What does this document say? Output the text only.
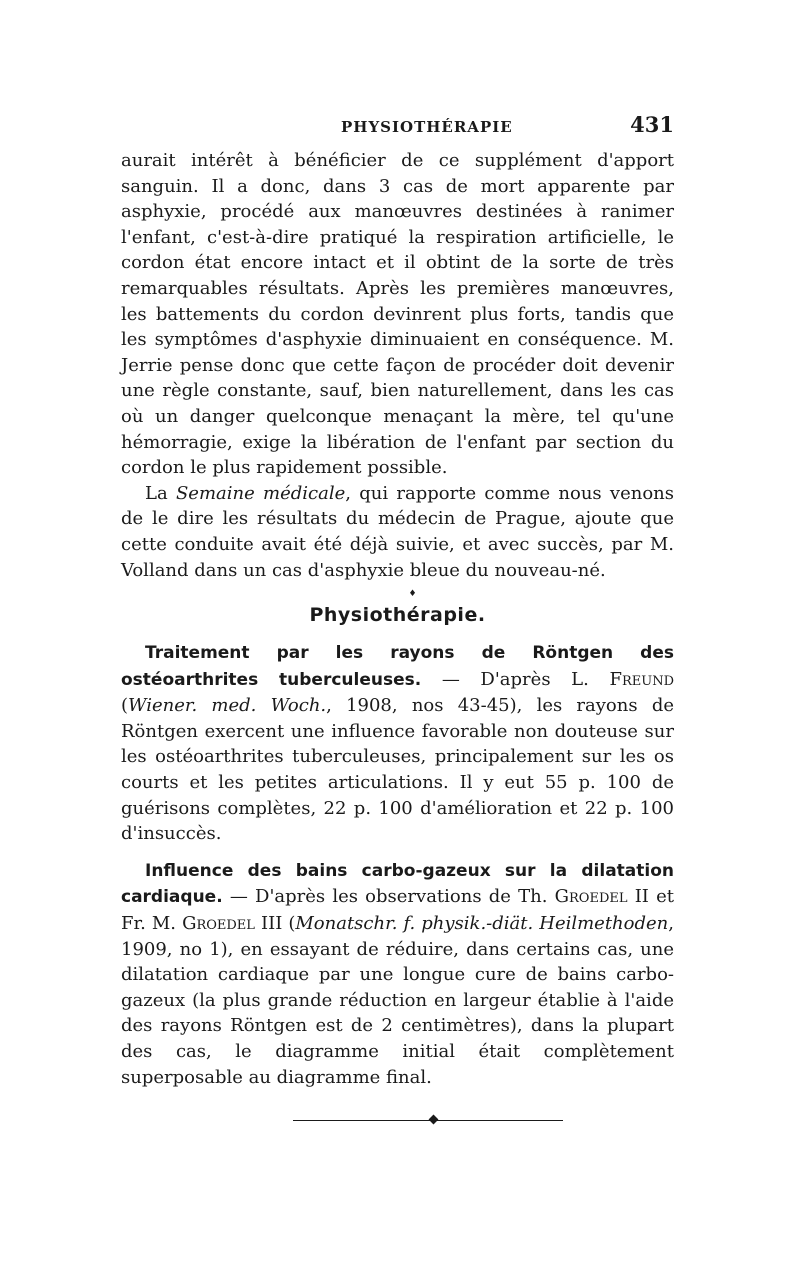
PHYSIOTHÉRAPIE	431

aurait intérêt à bénéficier de ce supplément d'apport sanguin. Il a donc, dans 3 cas de mort apparente par asphyxie, procédé aux manœuvres destinées à ranimer l'enfant, c'est-à-dire pratiqué la respiration artificielle, le cordon état encore intact et il obtint de la sorte de très remarquables résultats. Après les premières manœuvres, les battements du cordon devinrent plus forts, tandis que les symptômes d'asphyxie diminuaient en conséquence. M. Jerrie pense donc que cette façon de procéder doit devenir une règle constante, sauf, bien naturellement, dans les cas où un danger quelconque menaçant la mère, tel qu'une hémorragie, exige la libération de l'enfant par section du cordon le plus rapidement possible.

La Semaine médicale, qui rapporte comme nous venons de le dire les résultats du médecin de Prague, ajoute que cette conduite avait été déjà suivie, et avec succès, par M. Volland dans un cas d'asphyxie bleue du nouveau-né.

♦
Physiothérapie.

Traitement par les rayons de Röntgen des ostéoarthrites tuberculeuses. — D'après L. Freund (Wiener. med. Woch., 1908, nos 43-45), les rayons de Röntgen exercent une influence favorable non douteuse sur les ostéoarthrites tuberculeuses, principalement sur les os courts et les petites articulations. Il y eut 55 p. 100 de guérisons complètes, 22 p. 100 d'amélioration et 22 p. 100 d'insuccès.

Influence des bains carbo-gazeux sur la dilatation cardiaque. — D'après les observations de Th. Groedel II et Fr. M. Groedel III (Monatschr. f. physik.-diät. Heilmethoden, 1909, no 1), en essayant de réduire, dans certains cas, une dilatation cardiaque par une longue cure de bains carbo-gazeux (la plus grande réduction en largeur établie à l'aide des rayons Röntgen est de 2 centimètres), dans la plupart des cas, le diagramme initial était complètement superposable au diagramme final.
